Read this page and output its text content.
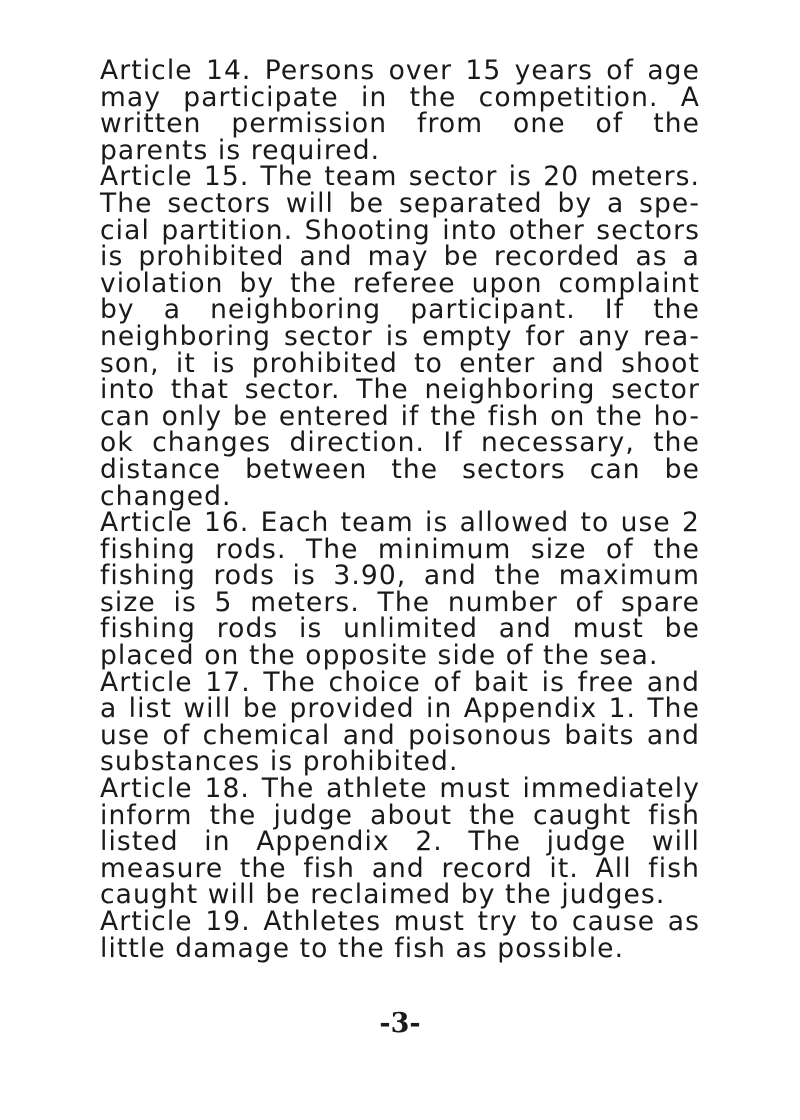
Article 14. Persons over 15 years of age
may participate in the competition. A
written permission from one of the
parents is required.
Article 15. The team sector is 20 meters.
The sectors will be separated by a spe-
cial partition. Shooting into other sectors
is prohibited and may be recorded as a
violation by the referee upon complaint
by a neighboring participant. If the
neighboring sector is empty for any rea-
son, it is prohibited to enter and shoot
into that sector. The neighboring sector
can only be entered if the fish on the ho-
ok changes direction. If necessary, the
distance between the sectors can be
changed.
Article 16. Each team is allowed to use 2
fishing rods. The minimum size of the
fishing rods is 3.90, and the maximum
size is 5 meters. The number of spare
fishing rods is unlimited and must be
placed on the opposite side of the sea.
Article 17. The choice of bait is free and
a list will be provided in Appendix 1. The
use of chemical and poisonous baits and
substances is prohibited.
Article 18. The athlete must immediately
inform the judge about the caught fish
listed in Appendix 2. The judge will
measure the fish and record it. All fish
caught will be reclaimed by the judges.
Article 19. Athletes must try to cause as
little damage to the fish as possible.
-3-
